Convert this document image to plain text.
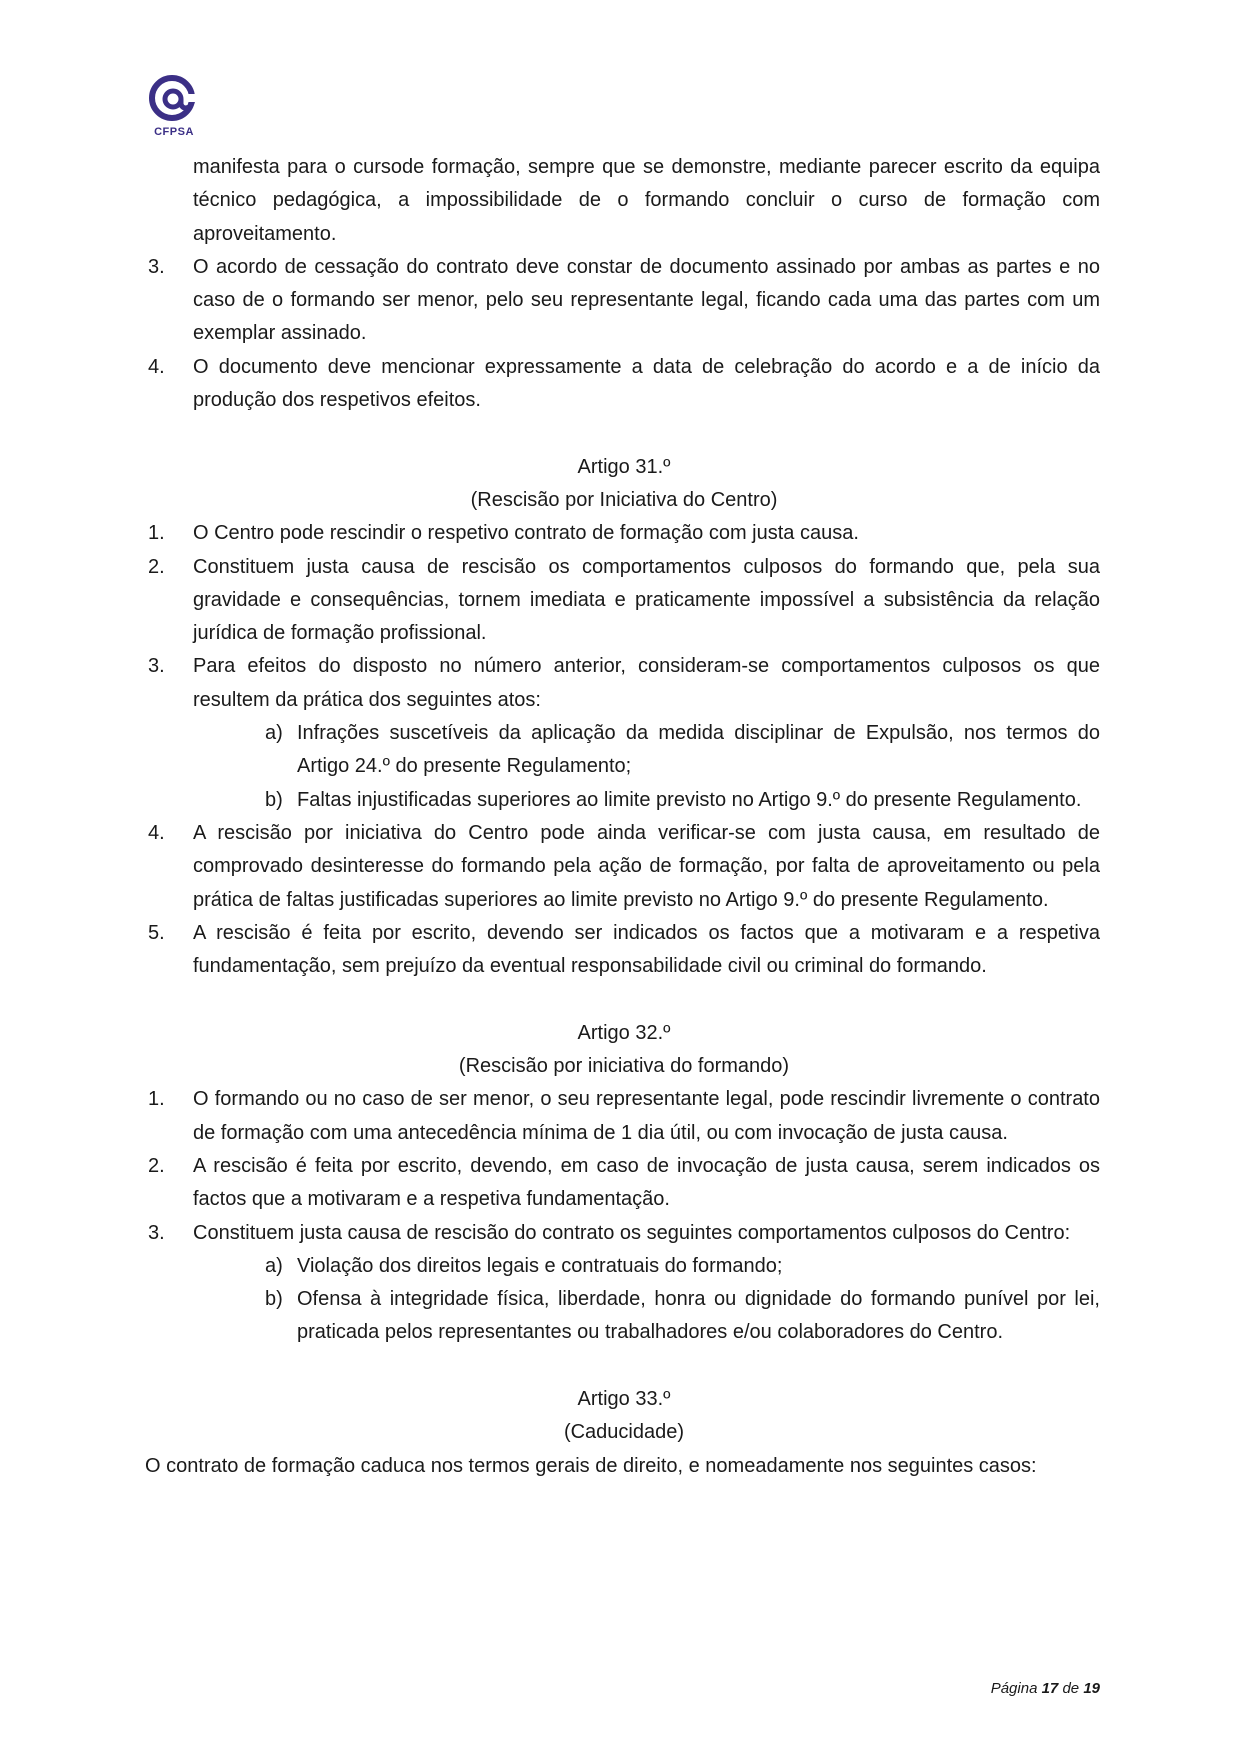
CFPSA

manifesta para o cursode formação, sempre que se demonstre, mediante parecer escrito da equipa técnico pedagógica, a impossibilidade de o formando concluir o curso de formação com aproveitamento.

3.	O acordo de cessação do contrato deve constar de documento assinado por ambas as partes e no caso de o formando ser menor, pelo seu representante legal, ficando cada uma das partes com um exemplar assinado.
4.	O documento deve mencionar expressamente a data de celebração do acordo e a de início da produção dos respetivos efeitos.

Artigo 31.º

(Rescisão por Iniciativa do Centro)

1.	O Centro pode rescindir o respetivo contrato de formação com justa causa.
2.	Constituem justa causa de rescisão os comportamentos culposos do formando que, pela sua gravidade e consequências, tornem imediata e praticamente impossível a subsistência da relação jurídica de formação profissional.
3.	Para efeitos do disposto no número anterior, consideram-se comportamentos culposos os que resultem da prática dos seguintes atos:
a) Infrações suscetíveis da aplicação da medida disciplinar de Expulsão, nos termos do Artigo 24.º do presente Regulamento;
b) Faltas injustificadas superiores ao limite previsto no Artigo 9.º do presente Regulamento.
4.	A rescisão por iniciativa do Centro pode ainda verificar-se com justa causa, em resultado de comprovado desinteresse do formando pela ação de formação, por falta de aproveitamento ou pela prática de faltas justificadas superiores ao limite previsto no Artigo 9.º do presente Regulamento.
5.	A rescisão é feita por escrito, devendo ser indicados os factos que a motivaram e a respetiva fundamentação, sem prejuízo da eventual responsabilidade civil ou criminal do formando.

Artigo 32.º

(Rescisão por iniciativa do formando)

1.	O formando ou no caso de ser menor, o seu representante legal, pode rescindir livremente o contrato de formação com uma antecedência mínima de 1 dia útil, ou com invocação de justa causa.
2.	A rescisão é feita por escrito, devendo, em caso de invocação de justa causa, serem indicados os factos que a motivaram e a respetiva fundamentação.
3.	Constituem justa causa de rescisão do contrato os seguintes comportamentos culposos do Centro:
a) Violação dos direitos legais e contratuais do formando;
b) Ofensa à integridade física, liberdade, honra ou dignidade do formando punível por lei, praticada pelos representantes ou trabalhadores e/ou colaboradores do Centro.

Artigo 33.º

(Caducidade)

O contrato de formação caduca nos termos gerais de direito, e nomeadamente nos seguintes casos:

Página 17 de 19
